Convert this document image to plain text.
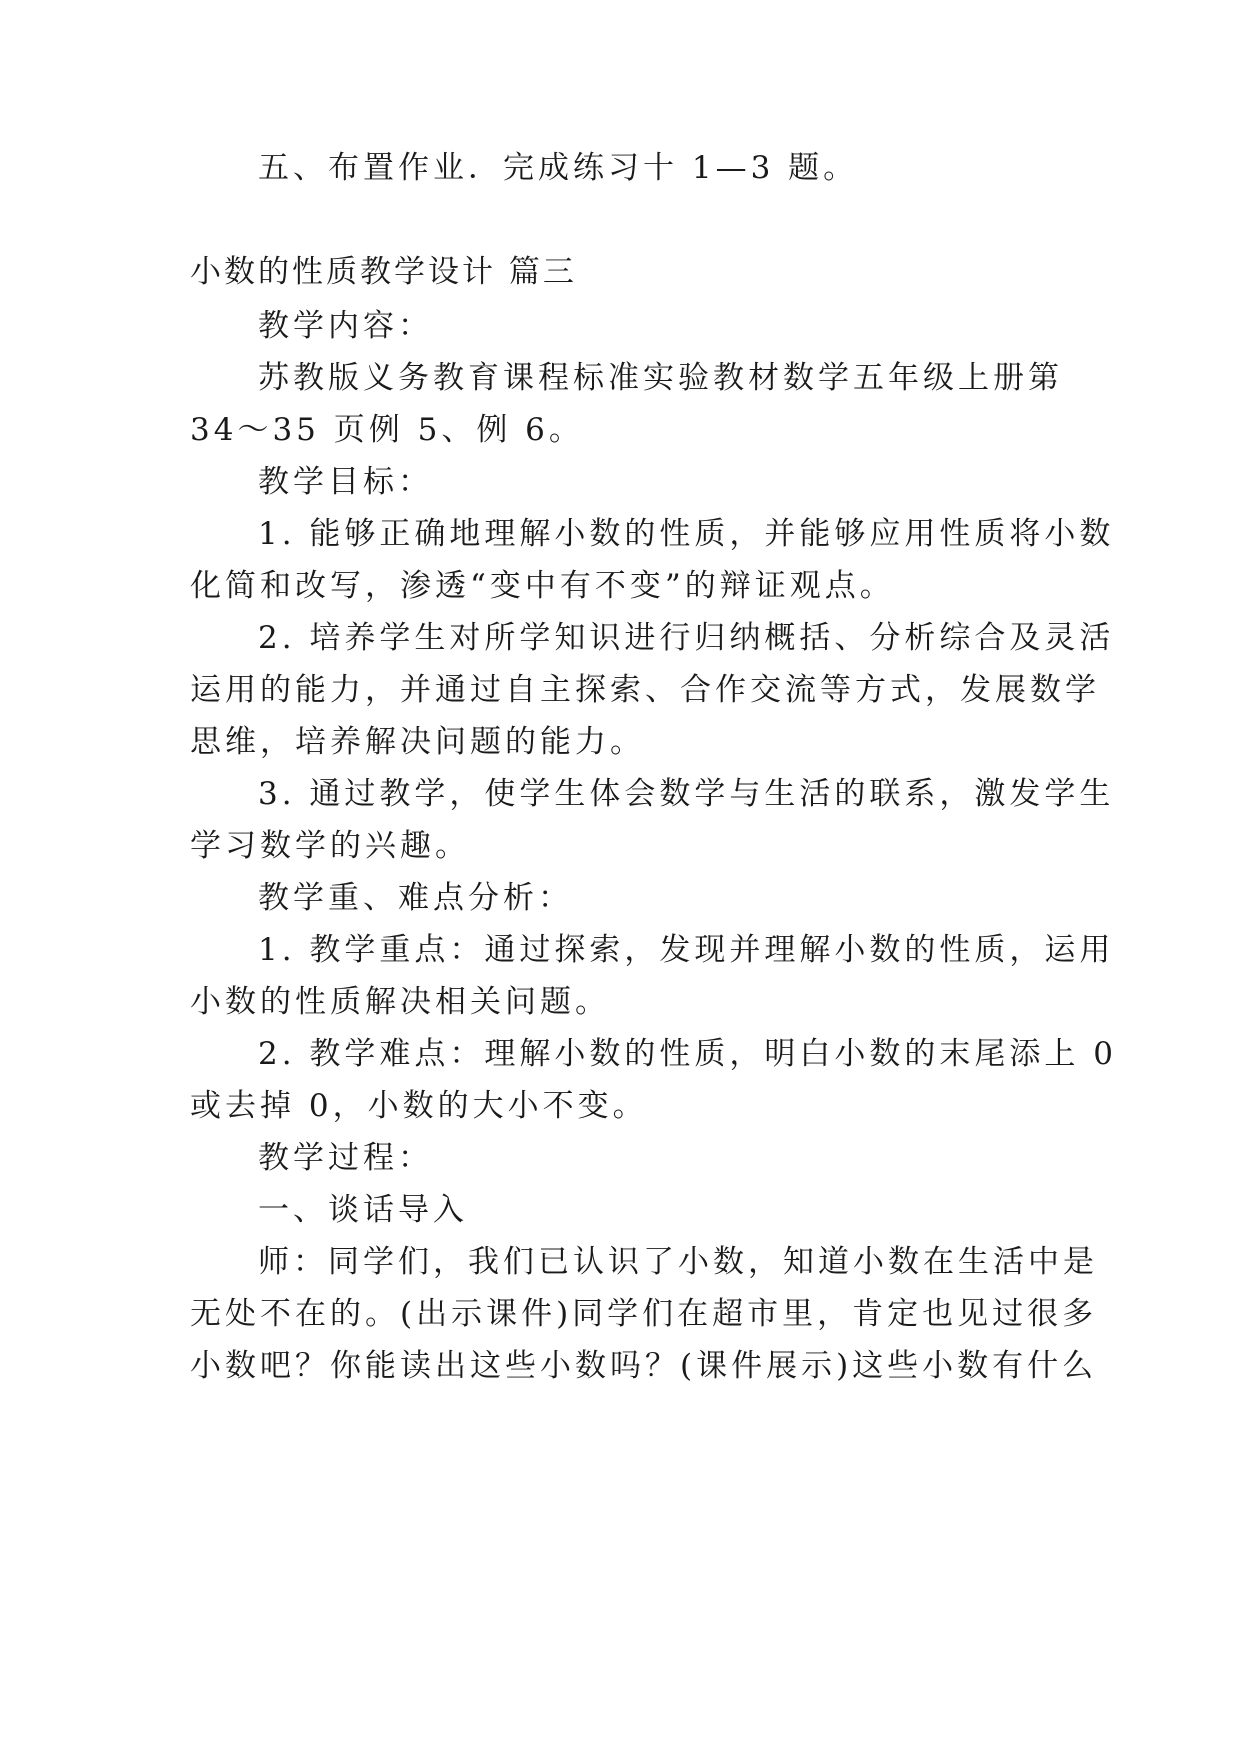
五、布置作业．完成练习十 1—3 题。
小数的性质教学设计 篇三
教学内容：
苏教版义务教育课程标准实验教材数学五年级上册第
34～35 页例 5、例 6。
教学目标：
1. 能够正确地理解小数的性质，并能够应用性质将小数
化简和改写，渗透“变中有不变”的辩证观点。
2. 培养学生对所学知识进行归纳概括、分析综合及灵活
运用的能力，并通过自主探索、合作交流等方式，发展数学
思维，培养解决问题的能力。
3. 通过教学，使学生体会数学与生活的联系，激发学生
学习数学的兴趣。
教学重、难点分析：
1. 教学重点：通过探索，发现并理解小数的性质，运用
小数的性质解决相关问题。
2. 教学难点：理解小数的性质，明白小数的末尾添上 0
或去掉 0，小数的大小不变。
教学过程：
一、谈话导入
师：同学们，我们已认识了小数，知道小数在生活中是
无处不在的。(出示课件)同学们在超市里，肯定也见过很多
小数吧？你能读出这些小数吗？(课件展示)这些小数有什么
